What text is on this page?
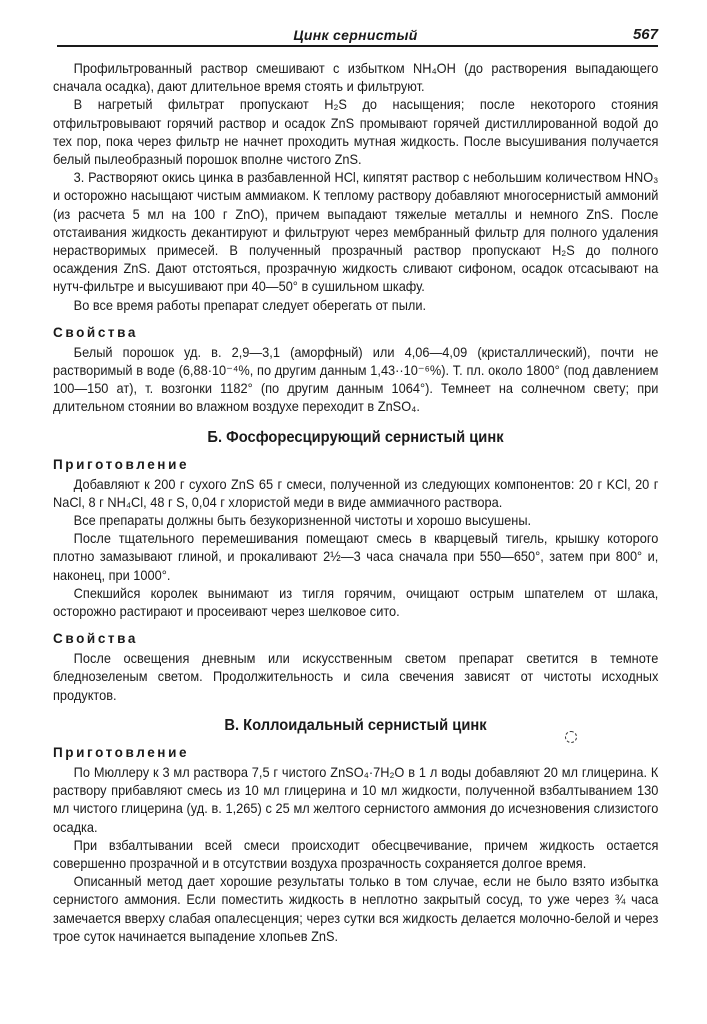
Цинк сернистый	567

Профильтрованный раствор смешивают с избытком NH₄OH (до растворения выпадающего сначала осадка), дают длительное время стоять и фильтруют.

В нагретый фильтрат пропускают H₂S до насыщения; после некоторого стояния отфильтровывают горячий раствор и осадок ZnS промывают горячей дистиллированной водой до тех пор, пока через фильтр не начнет проходить мутная жидкость. После высушивания получается белый пылеобразный порошок вполне чистого ZnS.

3. Растворяют окись цинка в разбавленной HCl, кипятят раствор с небольшим количеством HNO₃ и осторожно насыщают чистым аммиаком. К теплому раствору добавляют многосернистый аммоний (из расчета 5 мл на 100 г ZnO), причем выпадают тяжелые металлы и немного ZnS. После отстаивания жидкость декантируют и фильтруют через мембранный фильтр для полного удаления нерастворимых примесей. В полученный прозрачный раствор пропускают H₂S до полного осаждения ZnS. Дают отстояться, прозрачную жидкость сливают сифоном, осадок отсасывают на нутч-фильтре и высушивают при 40—50° в сушильном шкафу.

Во все время работы препарат следует оберегать от пыли.

Свойства

Белый порошок уд. в. 2,9—3,1 (аморфный) или 4,06—4,09 (кристаллический), почти не растворимый в воде (6,88·10⁻⁴%, по другим данным 1,43··10⁻⁶%). Т. пл. около 1800° (под давлением 100—150 ат), т. возгонки 1182° (по другим данным 1064°). Темнеет на солнечном свету; при длительном стоянии во влажном воздухе переходит в ZnSO₄.

Б. Фосфоресцирующий сернистый цинк
Приготовление

Добавляют к 200 г сухого ZnS 65 г смеси, полученной из следующих компонентов: 20 г KCl, 20 г NaCl, 8 г NH₄Cl, 48 г S, 0,04 г хлористой меди в виде аммиачного раствора.

Все препараты должны быть безукоризненной чистоты и хорошо высушены.

После тщательного перемешивания помещают смесь в кварцевый тигель, крышку которого плотно замазывают глиной, и прокаливают 2½—3 часа сначала при 550—650°, затем при 800° и, наконец, при 1000°.

Спекшийся королек вынимают из тигля горячим, очищают острым шпателем от шлака, осторожно растирают и просеивают через шелковое сито.

Свойства

После освещения дневным или искусственным светом препарат светится в темноте бледнозеленым светом. Продолжительность и сила свечения зависят от чистоты исходных продуктов.

В. Коллоидальный сернистый цинк
Приготовление

По Мюллеру к 3 мл раствора 7,5 г чистого ZnSO₄·7H₂O в 1 л воды добавляют 20 мл глицерина. К раствору прибавляют смесь из 10 мл глицерина и 10 мл жидкости, полученной взбалтыванием 130 мл чистого глицерина (уд. в. 1,265) с 25 мл желтого сернистого аммония до исчезновения слизистого осадка.

При взбалтывании всей смеси происходит обесцвечивание, причем жидкость остается совершенно прозрачной и в отсутствии воздуха прозрачность сохраняется долгое время.

Описанный метод дает хорошие результаты только в том случае, если не было взято избытка сернистого аммония. Если поместить жидкость в неплотно закрытый сосуд, то уже через ¾ часа замечается вверху слабая опалесценция; через сутки вся жидкость делается молочно-белой и через трое суток начинается выпадение хлопьев ZnS.
